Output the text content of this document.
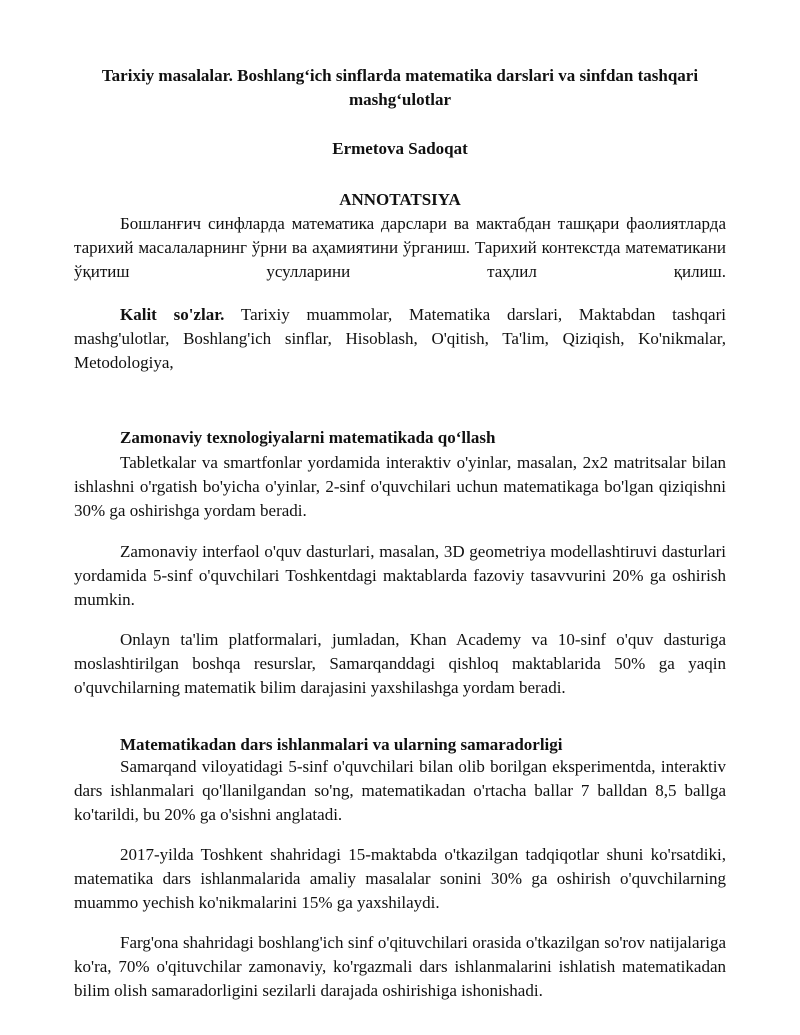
Tarixiy masalalar. Boshlang‘ich sinflarda matematika darslari va sinfdan tashqari mashg‘ulotlar
Ermetova Sadoqat
ANNOTATSIYA

Бошланғич синфларда математика дарслари ва мактабдан ташқари фаолиятларда тарихий масалаларнинг ўрни ва аҳамиятини ўрганиш. Тарихий контекстда математикани ўқитиш усулларини таҳлил қилиш.

Kalit so'zlar. Tarixiy muammolar, Matematika darslari, Maktabdan tashqari mashg'ulotlar, Boshlang'ich sinflar, Hisoblash, O'qitish, Ta'lim, Qiziqish, Ko'nikmalar, Metodologiya,

Zamonaviy texnologiyalarni matematikada qo‘llash

Tabletkalar va smartfonlar yordamida interaktiv o'yinlar, masalan, 2x2 matritsalar bilan ishlashni o'rgatish bo'yicha o'yinlar, 2-sinf o'quvchilari uchun matematikaga bo'lgan qiziqishni 30% ga oshirishga yordam beradi.

Zamonaviy interfaol o'quv dasturlari, masalan, 3D geometriya modellashtiruvi dasturlari yordamida 5-sinf o'quvchilari Toshkentdagi maktablarda fazoviy tasavvurini 20% ga oshirish mumkin.

Onlayn ta'lim platformalari, jumladan, Khan Academy va 10-sinf o'quv dasturiga moslashtirilgan boshqa resurslar, Samarqanddagi qishloq maktablarida 50% ga yaqin o'quvchilarning matematik bilim darajasini yaxshilashga yordam beradi.

Matematikadan dars ishlanmalari va ularning samaradorligi

Samarqand viloyatidagi 5-sinf o'quvchilari bilan olib borilgan eksperimentda, interaktiv dars ishlanmalari qo'llanilgandan so'ng, matematikadan o'rtacha ballar 7 balldan 8,5 ballga ko'tarildi, bu 20% ga o'sishni anglatadi.

2017-yilda Toshkent shahridagi 15-maktabda o'tkazilgan tadqiqotlar shuni ko'rsatdiki, matematika dars ishlanmalarida amaliy masalalar sonini 30% ga oshirish o'quvchilarning muammo yechish ko'nikmalarini 15% ga yaxshilaydi.

Farg'ona shahridagi boshlang'ich sinf o'qituvchilari orasida o'tkazilgan so'rov natijalariga ko'ra, 70% o'qituvchilar zamonaviy, ko'rgazmali dars ishlanmalarini ishlatish matematikadan bilim olish samaradorligini sezilarli darajada oshirishiga ishonishadi.
